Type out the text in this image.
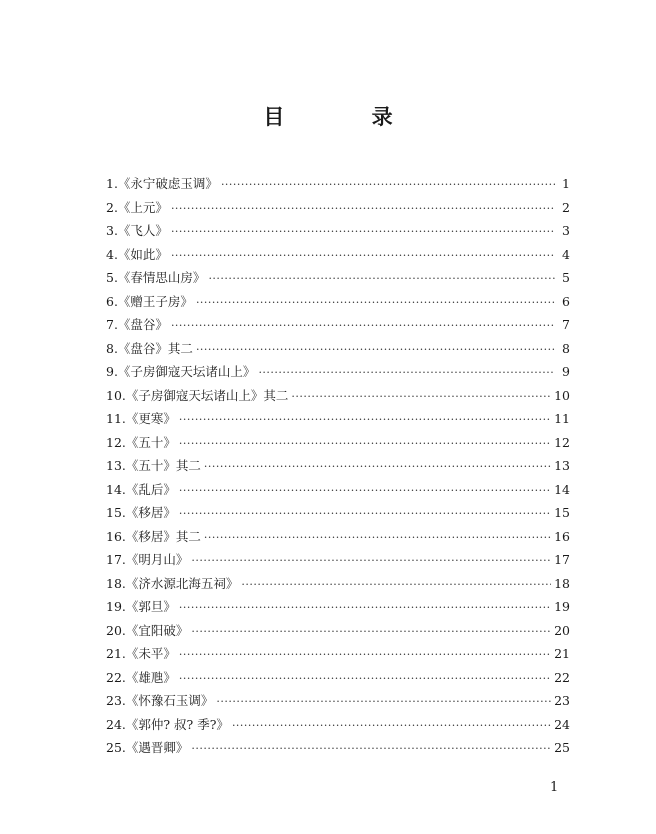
目 录
1.《永宁破虑玉调》 ·····	1
2.《上元》 ·····	2
3.《飞人》 ·····	3
4.《如此》 ·····	4
5.《春情思山房》 ·····	5
6.《赠王子房》 ·····	6
7.《盘谷》 ·····	7
8.《盘谷》其二 ·····	8
9.《子房御寇天坛诸山上》 ·····	9
10.《子房御寇天坛诸山上》其二 ·····	10
11.《更寒》 ·····	11
12.《五十》 ·····	12
13.《五十》其二 ·····	13
14.《乱后》 ·····	14
15.《移居》 ·····	15
16.《移居》其二 ·····	16
17.《明月山》 ·····	17
18.《济水源北海五祠》 ·····	18
19.《郭旦》 ·····	19
20.《宜阳破》 ·····	20
21.《未平》 ·····	21
22.《雄虺》 ·····	22
23.《怀豫石玉调》 ·····	23
24.《郭仲? 叔? 季?》 ·····	24
25.《遇晋卿》 ·····	25
1
